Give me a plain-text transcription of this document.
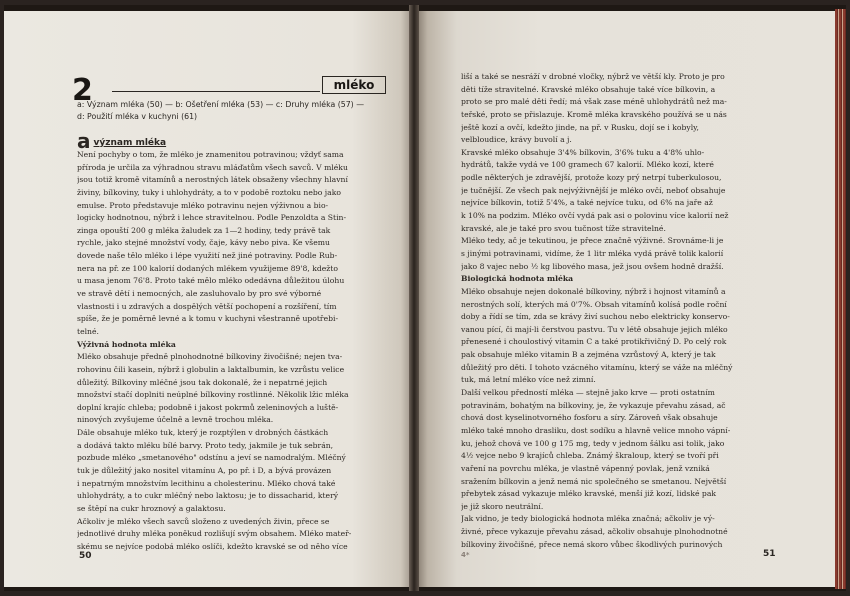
2	mléko
a: Význam mléka (50) — b: Ošetření mléka (53) — c: Druhy mléka (57) —
d: Použití mléka v kuchyni (61)
avýznam mléka
Není pochyby o tom, že mléko je znamenitou potravinou; vždyť sama
příroda je určila za výhradnou stravu mláďatům všech savců. V mléku
jsou totiž kromě vitamínů a nerostných látek obsaženy všechny hlavní
živiny, bílkoviny, tuky i uhlohydráty, a to v podobě roztoku nebo jako
emulse. Proto představuje mléko potravinu nejen výživnou a bio-
logicky hodnotnou, nýbrž i lehce stravitelnou. Podle Penzoldta a Stin-
zinga opouští 200 g mléka žaludek za 1—2 hodiny, tedy právě tak
rychle, jako stejné množství vody, čaje, kávy nebo piva. Ke všemu
dovede naše tělo mléko i lépe využití než jiné potraviny. Podle Rub-
nera na př. ze 100 kalorií dodaných mlékem využijeme 89'8, kdežto
u masa jenom 76'8. Proto také mělo mléko odedávna důležitou úlohu
ve stravě dětí i nemocných, ale zasluhovalo by pro své výborné
vlastnosti i u zdravých a dospělých větší pochopení a rozšíření, tím
spíše, že je poměrně levné a k tomu v kuchyni všestranně upotřebi-
telné.
Výživná hodnota mléka
Mléko obsahuje předně plnohodnotné bílkoviny živočišné; nejen tva-
rohovinu čili kasein, nýbrž i globulin a laktalbumin, ke vzrůstu velice
důležitý. Bílkoviny mléčné jsou tak dokonalé, že i nepatrné jejich
množství stačí doplniti neúplné bílkoviny rostlinné. Několik lžic mléka
doplní krajíc chleba; podobně i jakost pokrmů zeleninových a luště-
ninových zvyšujeme účelně a levně trochou mléka.
Dále obsahuje mléko tuk, který je rozptýlen v drobných částkách
a dodává takto mléku bílé barvy. Proto tedy, jakmile je tuk sebrán,
pozbude mléko „smetanového" odstínu a jeví se namodralým. Mléčný
tuk je důležitý jako nositel vitamínu A, po př. i D, a bývá provázen
i nepatrným množstvím lecithinu a cholesterinu. Mléko chová také
uhlohydráty, a to cukr mléčný nebo laktosu; je to dissacharid, který
se štěpí na cukr hroznový a galaktosu.
Ačkoliv je mléko všech savců složeno z uvedených živin, přece se
jednotlivé druhy mléka poněkud rozlišují svým obsahem. Mléko mateř-
skému se nejvíce podobá mléko oslíči, kdežto kravské se od něho více
50
liší a také se nesráží v drobné vločky, nýbrž ve větší kly. Proto je pro
děti tíže stravitelné. Kravské mléko obsahuje také více bílkovin, a
proto se pro malé děti ředí; má však zase méně uhlohydrátů než ma-
teřské, proto se přislazuje. Kromě mléka kravského používá se u nás
ještě kozí a ovčí, kdežto jinde, na př. v Rusku, dojí se i kobyly,
velbloudice, krávy buvolí a j.
Kravské mléko obsahuje 3'4% bílkovin, 3'6% tuku a 4'8% uhlo-
hydrátů, takže vydá ve 100 gramech 67 kalorií. Mléko kozí, které
podle některých je zdravější, protože kozy prý netrpí tuberkulosou,
je tučnější. Ze všech pak nejvýživnější je mléko ovčí, neboť obsahuje
nejvíce bílkovin, totiž 5'4%, a také nejvíce tuku, od 6% na jaře až
k 10% na podzim. Mléko ovčí vydá pak asi o polovinu více kalorií než
kravské, ale je také pro svou tučnost tíže stravitelné.
Mléko tedy, ač je tekutinou, je přece značně výživné. Srovnáme-li je
s jinými potravinami, vidíme, že 1 litr mléka vydá právě tolik kalorií
jako 8 vajec nebo ½ kg libového masa, jež jsou ovšem hodně dražší.
Biologická hodnota mléka
Mléko obsahuje nejen dokonalé bílkoviny, nýbrž i hojnost vitamínů a
nerostných solí, kterých má 0'7%. Obsah vitamínů kolísá podle roční
doby a řídí se tím, zda se krávy živí suchou nebo elektricky konservo-
vanou pící, či mají-li čerstvou pastvu. Tu v létě obsahuje jejich mléko
přenesené i choulostivý vitamin C a také protikřivičný D. Po celý rok
pak obsahuje mléko vitamin B a zejména vzrůstový A, který je tak
důležitý pro děti. I tohoto vzácného vitamínu, který se váže na mléčný
tuk, má letní mléko více než zimní.
Další velkou předností mléka — stejně jako krve — proti ostatním
potravinám, bohatým na bílkoviny, je, že vykazuje převahu zásad, ač
chová dost kyselinotvorného fosforu a síry. Zároveň však obsahuje
mléko také mnoho drasliku, dost sodíku a hlavně velice mnoho vápní-
ku, jehož chová ve 100 g 175 mg, tedy v jednom šálku asi tolik, jako
4½ vejce nebo 9 krajíců chleba. Známý škraloup, který se tvoří při
vaření na povrchu mléka, je vlastně vápenný povlak, jenž vzniká
sražením bílkovin a jenž nemá nic společného se smetanou. Největší
přebytek zásad vykazuje mléko kravské, menší již kozí, lidské pak
je již skoro neutrální.
Jak vidno, je tedy biologická hodnota mléka značná; ačkoliv je vý-
živné, přece vykazuje převahu zásad, ačkoliv obsahuje plnohodnotné
bílkoviny živočišné, přece nemá skoro vůbec škodlivých purinových
4*	51
